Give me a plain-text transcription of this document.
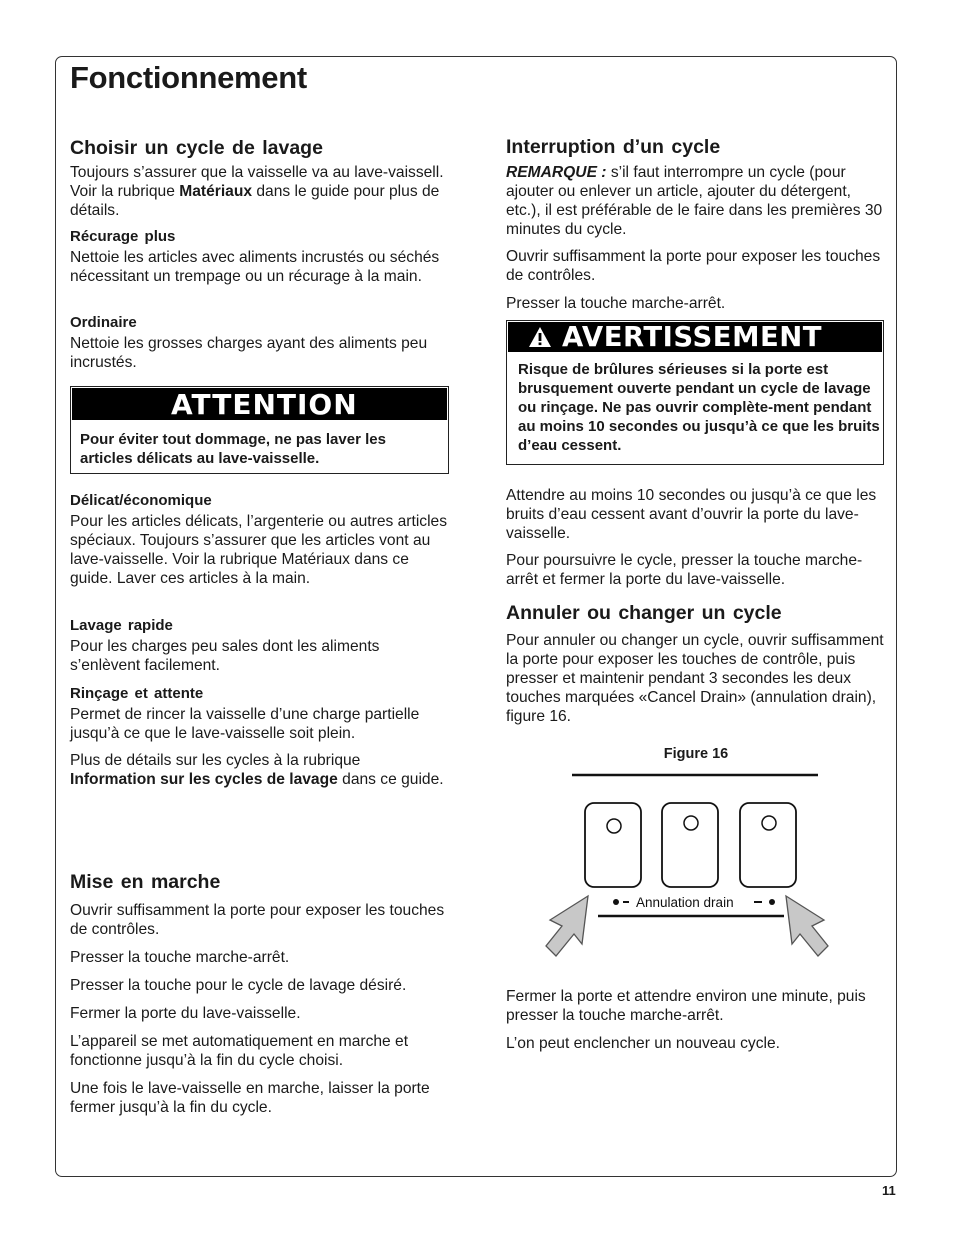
Fonctionnement
Choisir un cycle de lavage

Toujours s’assurer que la vaisselle va au lave-vaissell. Voir la rubrique Matériaux dans le guide pour plus de détails.

Récurage plus

Nettoie les articles avec aliments incrustés ou séchés nécessitant un trempage ou un récurage à la main.

Ordinaire

Nettoie les grosses charges ayant des aliments peu incrustés.

Délicat/économique

Pour les articles délicats, l’argenterie ou autres articles spéciaux. Toujours s’assurer que les articles vont au lave-vaisselle. Voir la rubrique Matériaux dans ce guide. Laver ces articles à la main.

Lavage rapide

Pour les charges peu sales dont les aliments s’enlèvent facilement.

Rinçage et attente

Permet de rincer la vaisselle d’une charge partielle jusqu’à ce que le lave-vaisselle soit plein.

Plus de détails sur les cycles à la rubrique Information sur les cycles de lavage dans ce guide.

Mise en marche

Ouvrir suffisamment la porte pour exposer les touches de contrôles.

Presser la touche marche-arrêt.

Presser la touche pour le cycle de lavage désiré.

Fermer la porte du lave-vaisselle.

L’appareil se met automatiquement en marche et fonctionne jusqu’à la fin du cycle choisi.

Une fois le lave-vaisselle en marche, laisser la porte fermer jusqu’à la fin du cycle.

ATTENTION

Pour éviter tout dommage, ne pas laver les articles délicats au lave-vaisselle.

Interruption d’un cycle

REMARQUE : s’il faut interrompre un cycle (pour ajouter ou enlever un article, ajouter du détergent, etc.), il est préférable de le faire dans les premières 30 minutes du cycle.

Ouvrir suffisamment la porte pour exposer les touches de contrôles.

Presser la touche marche-arrêt.

Attendre au moins 10 secondes ou jusqu’à ce que les bruits d’eau cessent avant d’ouvrir la porte du lave-vaisselle.

Pour poursuivre le cycle, presser la touche marche-arrêt et fermer la porte du lave-vaisselle.

Annuler ou changer un cycle

Pour annuler ou changer un cycle, ouvrir suffisamment la porte pour exposer les touches de contrôle, puis presser et maintenir pendant 3 secondes les deux touches marquées «Cancel Drain» (annulation drain), figure 16.

Fermer la porte et attendre environ une minute, puis presser la touche marche-arrêt.

L’on peut enclencher un nouveau cycle.

AVERTISSEMENT

Risque de brûlures sérieuses si la porte est brusquement ouverte pendant un cycle de lavage ou rinçage. Ne pas ouvrir complète-ment pendant au moins 10 secondes ou jusqu’à ce que les bruits d’eau cessent.

Figure 16

Annulation drain
11
